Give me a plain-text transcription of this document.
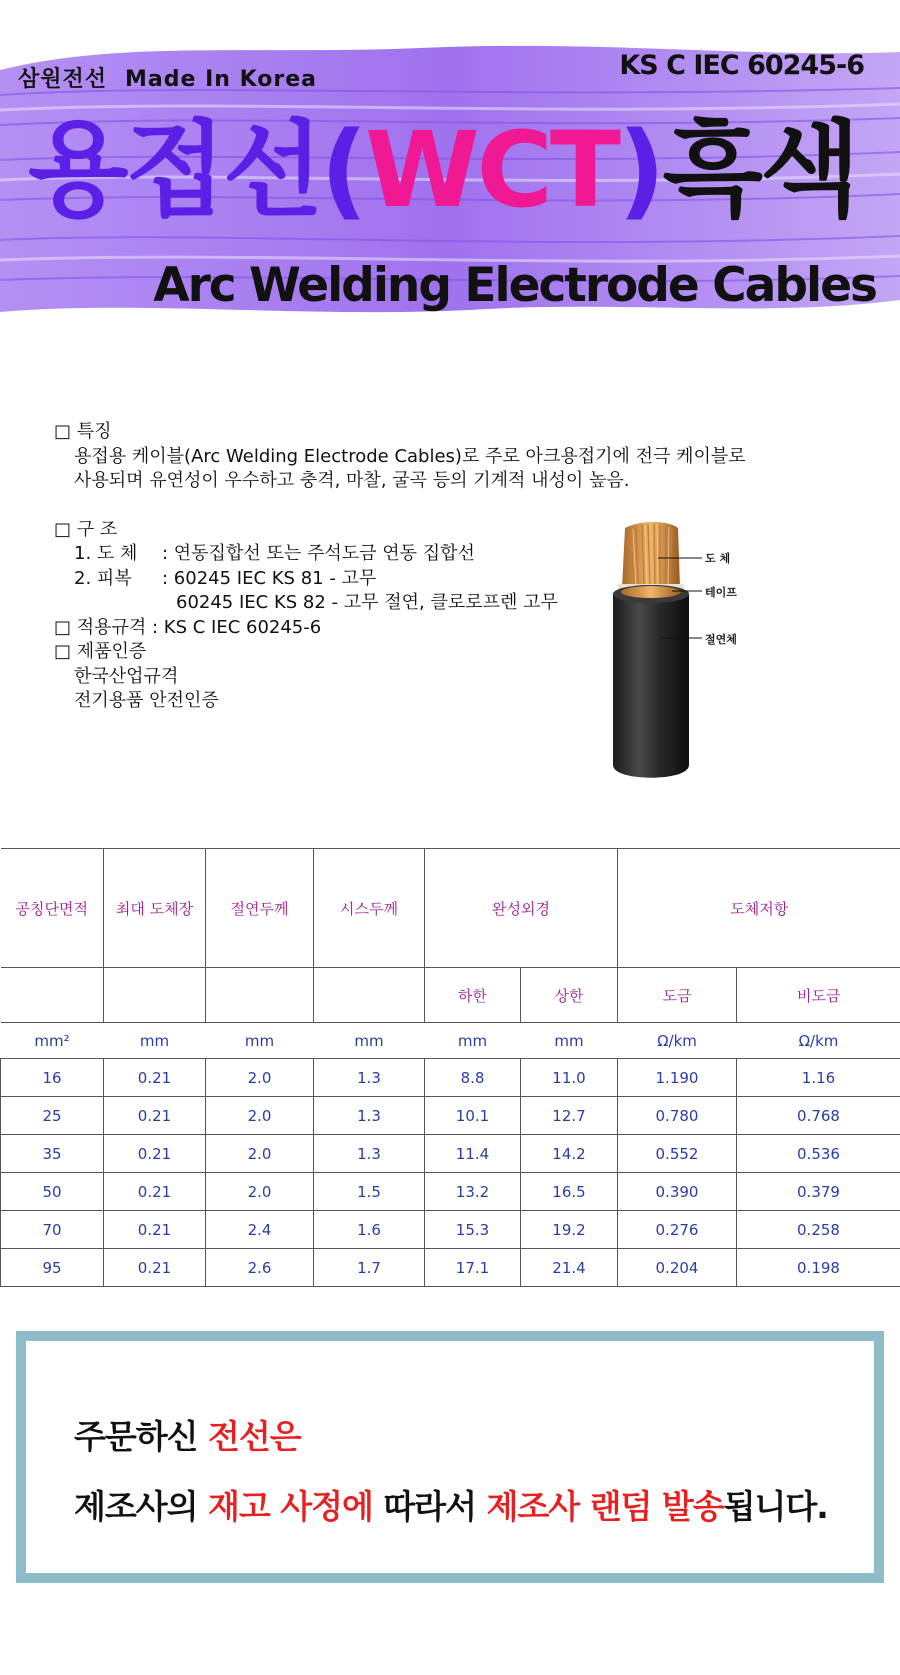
삼원전선 Made In Korea	KS C IEC 60245-6
용접선(WCT)흑색
Arc Welding Electrode Cables
□ 특징
용접용 케이블(Arc Welding Electrode Cables)로 주로 아크용접기에 전극 케이블로
사용되며 유연성이 우수하고 충격, 마찰, 굴곡 등의 기계적 내성이 높음.
□ 구 조
1. 도 체 : 연동집합선 또는 주석도금 연동 집합선
2. 피복 : 60245 IEC KS 81 - 고무
60245 IEC KS 82 - 고무 절연, 클로로프렌 고무
□ 적용규격 : KS C IEC 60245-6
□ 제품인증
한국산업규격
전기용품 안전인증
도 체
테이프
절연체
공칭단면적	최대 도체장	절연두께	시스두께	완성외경		도체저항	
				하한	상한	도금	비도금
mm²	mm	mm	mm	mm	mm	Ω/km	Ω/km
16	0.21	2.0	1.3	8.8	11.0	1.190	1.16
25	0.21	2.0	1.3	10.1	12.7	0.780	0.768
35	0.21	2.0	1.3	11.4	14.2	0.552	0.536
50	0.21	2.0	1.5	13.2	16.5	0.390	0.379
70	0.21	2.4	1.6	15.3	19.2	0.276	0.258
95	0.21	2.6	1.7	17.1	21.4	0.204	0.198
주문하신 전선은
제조사의 재고 사정에 따라서 제조사 랜덤 발송됩니다.
